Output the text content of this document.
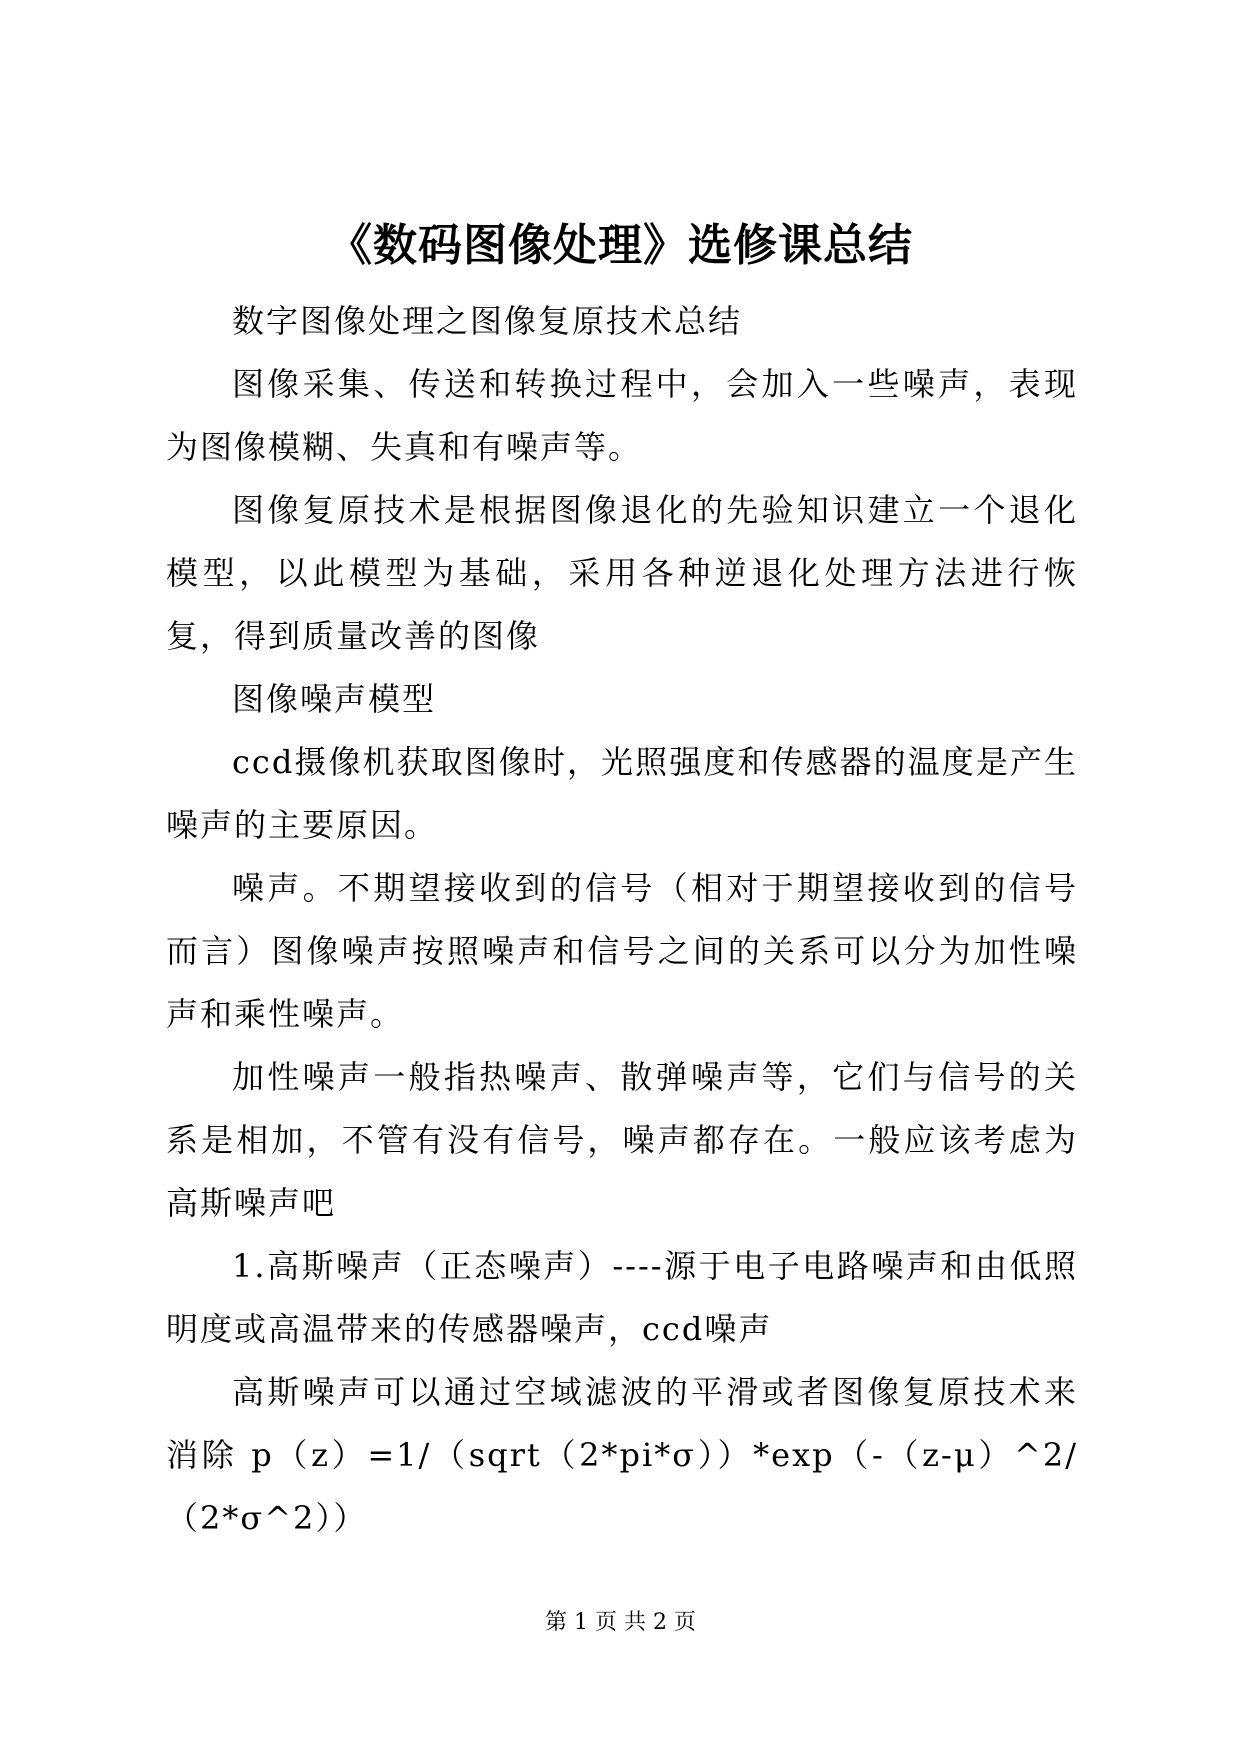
《数码图像处理》选修课总结

数字图像处理之图像复原技术总结

图像采集、传送和转换过程中，会加入一些噪声，表现为图像模糊、失真和有噪声等。

图像复原技术是根据图像退化的先验知识建立一个退化模型，以此模型为基础，采用各种逆退化处理方法进行恢复，得到质量改善的图像

图像噪声模型

ccd摄像机获取图像时，光照强度和传感器的温度是产生噪声的主要原因。

噪声。不期望接收到的信号（相对于期望接收到的信号而言）图像噪声按照噪声和信号之间的关系可以分为加性噪声和乘性噪声。

加性噪声一般指热噪声、散弹噪声等，它们与信号的关系是相加，不管有没有信号，噪声都存在。一般应该考虑为高斯噪声吧

1.高斯噪声（正态噪声）----源于电子电路噪声和由低照明度或高温带来的传感器噪声，ccd噪声

高斯噪声可以通过空域滤波的平滑或者图像复原技术来消除 p（z）=1/（sqrt（2*pi*σ））*exp（-（z-μ）^2/（2*σ^2））

第 1 页 共 2 页
